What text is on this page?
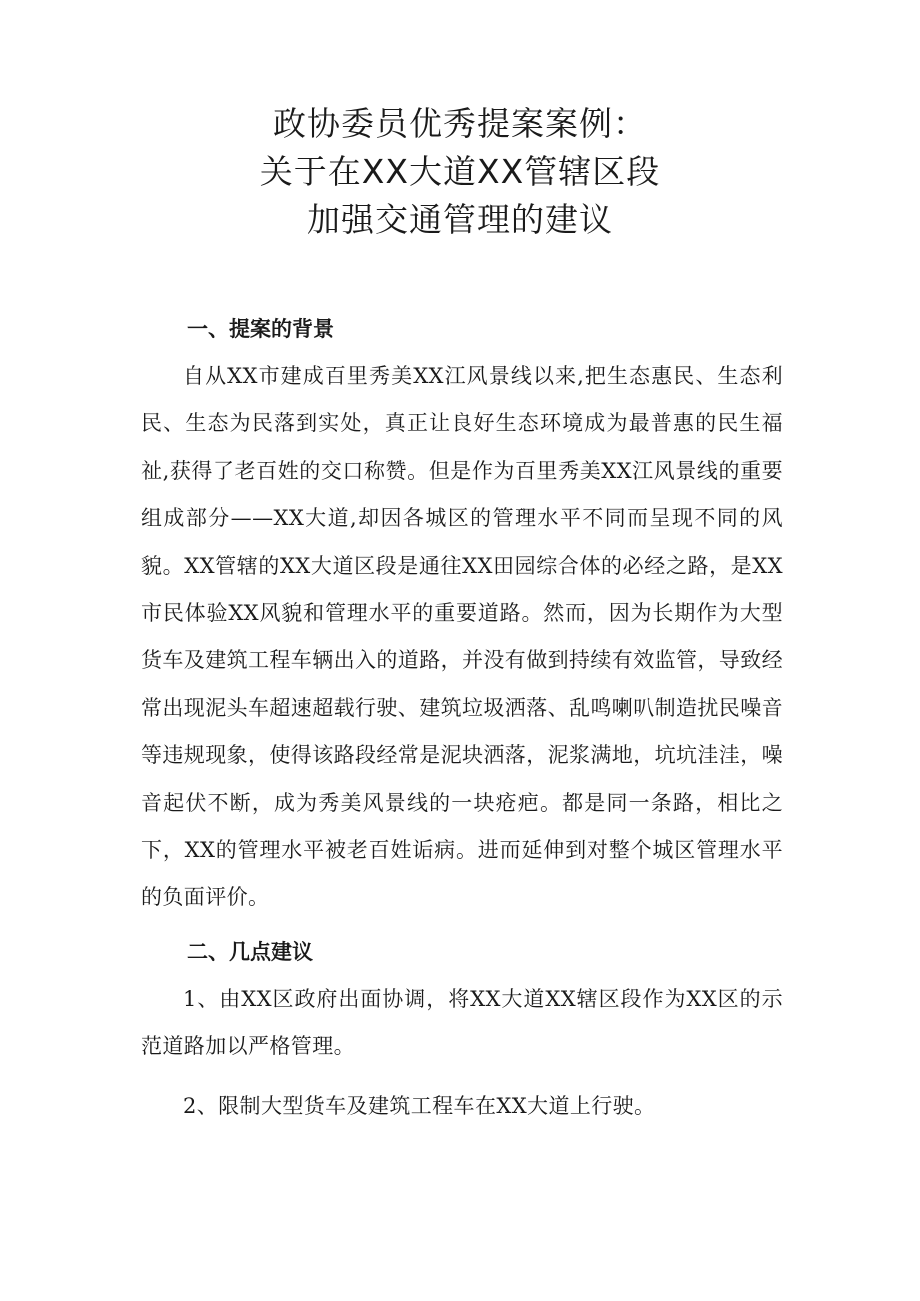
政协委员优秀提案案例：
关于在XX大道XX管辖区段
加强交通管理的建议
一、提案的背景

自从XX市建成百里秀美XX江风景线以来,把生态惠民、生态利民、生态为民落到实处，真正让良好生态环境成为最普惠的民生福祉,获得了老百姓的交口称赞。但是作为百里秀美XX江风景线的重要组成部分——XX大道,却因各城区的管理水平不同而呈现不同的风貌。XX管辖的XX大道区段是通往XX田园综合体的必经之路，是XX市民体验XX风貌和管理水平的重要道路。然而，因为长期作为大型货车及建筑工程车辆出入的道路，并没有做到持续有效监管，导致经常出现泥头车超速超载行驶、建筑垃圾洒落、乱鸣喇叭制造扰民噪音等违规现象，使得该路段经常是泥块洒落，泥浆满地，坑坑洼洼，噪音起伏不断，成为秀美风景线的一块疮疤。都是同一条路，相比之下，XX的管理水平被老百姓诟病。进而延伸到对整个城区管理水平的负面评价。

二、几点建议

1、由XX区政府出面协调，将XX大道XX辖区段作为XX区的示范道路加以严格管理。

2、限制大型货车及建筑工程车在XX大道上行驶。
